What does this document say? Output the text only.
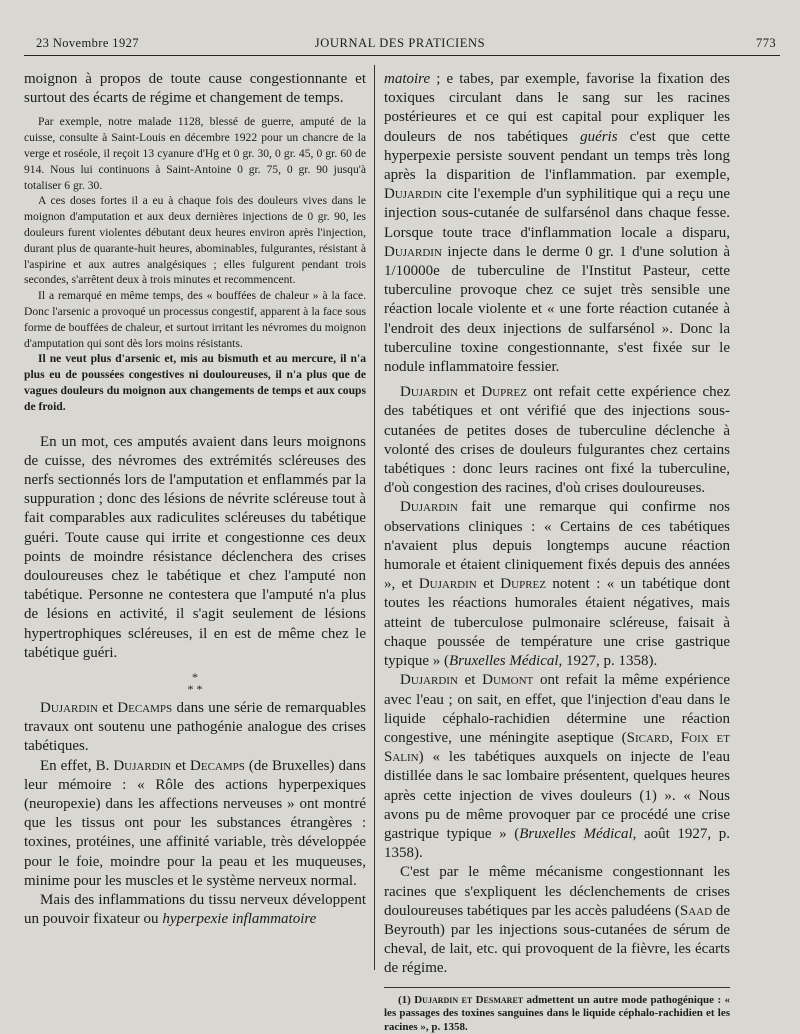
23 Novembre 1927	JOURNAL DES PRATICIENS	773

moignon à propos de toute cause congestionnante et surtout des écarts de régime et changement de temps.

Par exemple, notre malade 1128, blessé de guerre, amputé de la cuisse, consulte à Saint-Louis en décembre 1922 pour un chancre de la verge et roséole, il reçoit 13 cyanure d'Hg et 0 gr. 30, 0 gr. 45, 0 gr. 60 de 914. Nous lui continuons à Saint-Antoine 0 gr. 75, 0 gr. 90 jusqu'à totaliser 6 gr. 30.

A ces doses fortes il a eu à chaque fois des douleurs vives dans le moignon d'amputation et aux deux dernières injections de 0 gr. 90, les douleurs furent violentes débutant deux heures environ après l'injection, durant plus de quarante-huit heures, abominables, fulgurantes, résistant à l'aspirine et aux autres analgésiques ; elles fulgurent pendant trois secondes, s'arrêtent deux à trois minutes et recommencent.

Il a remarqué en même temps, des « bouffées de chaleur » à la face. Donc l'arsenic a provoqué un processus congestif, apparent à la face sous forme de bouffées de chaleur, et surtout irritant les névromes du moignon d'amputation qui sont dès lors moins résistants.

Il ne veut plus d'arsenic et, mis au bismuth et au mercure, il n'a plus eu de poussées congestives ni douloureuses, il n'a plus que de vagues douleurs du moignon aux changements de temps et aux coups de froid.

En un mot, ces amputés avaient dans leurs moignons de cuisse, des névromes des extrémités scléreuses des nerfs sectionnés lors de l'amputation et enflammés par la suppuration ; donc des lésions de névrite scléreuse tout à fait comparables aux radiculites scléreuses du tabétique guéri. Toute cause qui irrite et congestionne ces deux points de moindre résistance déclenchera des crises douloureuses chez le tabétique et chez l'amputé non tabétique. Personne ne contestera que l'amputé n'a plus de lésions en activité, il s'agit seulement de lésions hypertrophiques scléreuses, il en est de même chez le tabétique guéri.

*
* *

Dujardin et Decamps dans une série de remarquables travaux ont soutenu une pathogénie analogue des crises tabétiques.

En effet, B. Dujardin et Decamps (de Bruxelles) dans leur mémoire : « Rôle des actions hyperpexiques (neuropexie) dans les affections nerveuses » ont montré que les tissus ont pour les substances étrangères : toxines, protéines, une affinité variable, très développée pour le foie, moindre pour la peau et les muqueuses, minime pour les muscles et le système nerveux normal.

Mais des inflammations du tissu nerveux développent un pouvoir fixateur ou hyperpexie inflammatoire

matoire ; e tabes, par exemple, favorise la fixation des toxiques circulant dans le sang sur les racines postérieures et ce qui est capital pour expliquer les douleurs de nos tabétiques guéris c'est que cette hyperpexie persiste souvent pendant un temps très long après la disparition de l'inflammation. par exemple, Dujardin cite l'exemple d'un syphilitique qui a reçu une injection sous-cutanée de sulfarsénol dans chaque fesse. Lorsque toute trace d'inflammation locale a disparu, Dujardin injecte dans le derme 0 gr. 1 d'une solution à 1/10000e de tuberculine de l'Institut Pasteur, cette tuberculine provoque chez ce sujet très sensible une réaction locale violente et « une forte réaction cutanée à l'endroit des deux injections de sulfarsénol ». Donc la tuberculine toxine congestionnante, s'est fixée sur le nodule inflammatoire fessier.

Dujardin et Duprez ont refait cette expérience chez des tabétiques et ont vérifié que des injections sous-cutanées de petites doses de tuberculine déclenche à volonté des crises de douleurs fulgurantes chez certains tabétiques : donc leurs racines ont fixé la tuberculine, d'où congestion des racines, d'où crises douloureuses.

Dujardin fait une remarque qui confirme nos observations cliniques : « Certains de ces tabétiques n'avaient plus depuis longtemps aucune réaction humorale et étaient cliniquement fixés depuis des années », et Dujardin et Duprez notent : « un tabétique dont toutes les réactions humorales étaient négatives, mais atteint de tuberculose pulmonaire scléreuse, faisait à chaque poussée de température une crise gastrique typique » (Bruxelles Médical, 1927, p. 1358).

Dujardin et Dumont ont refait la même expérience avec l'eau ; on sait, en effet, que l'injection d'eau dans le liquide céphalo-rachidien détermine une réaction congestive, une méningite aseptique (Sicard, Foix et Salin) « les tabétiques auxquels on injecte de l'eau distillée dans le sac lombaire présentent, quelques heures après cette injection de vives douleurs (1) ». « Nous avons pu de même provoquer par ce procédé une crise gastrique typique » (Bruxelles Médical, août 1927, p. 1358).

C'est par le même mécanisme congestionnant les racines que s'expliquent les déclenchements de crises douloureuses tabétiques par les accès paludéens (Saad de Beyrouth) par les injections sous-cutanées de sérum de cheval, de lait, etc. qui provoquent de la fièvre, les écarts de régime.

(1) Dujardin et Desmaret admettent un autre mode pathogénique : « les passages des toxines sanguines dans le liquide céphalo-rachidien et les racines », p. 1358.
